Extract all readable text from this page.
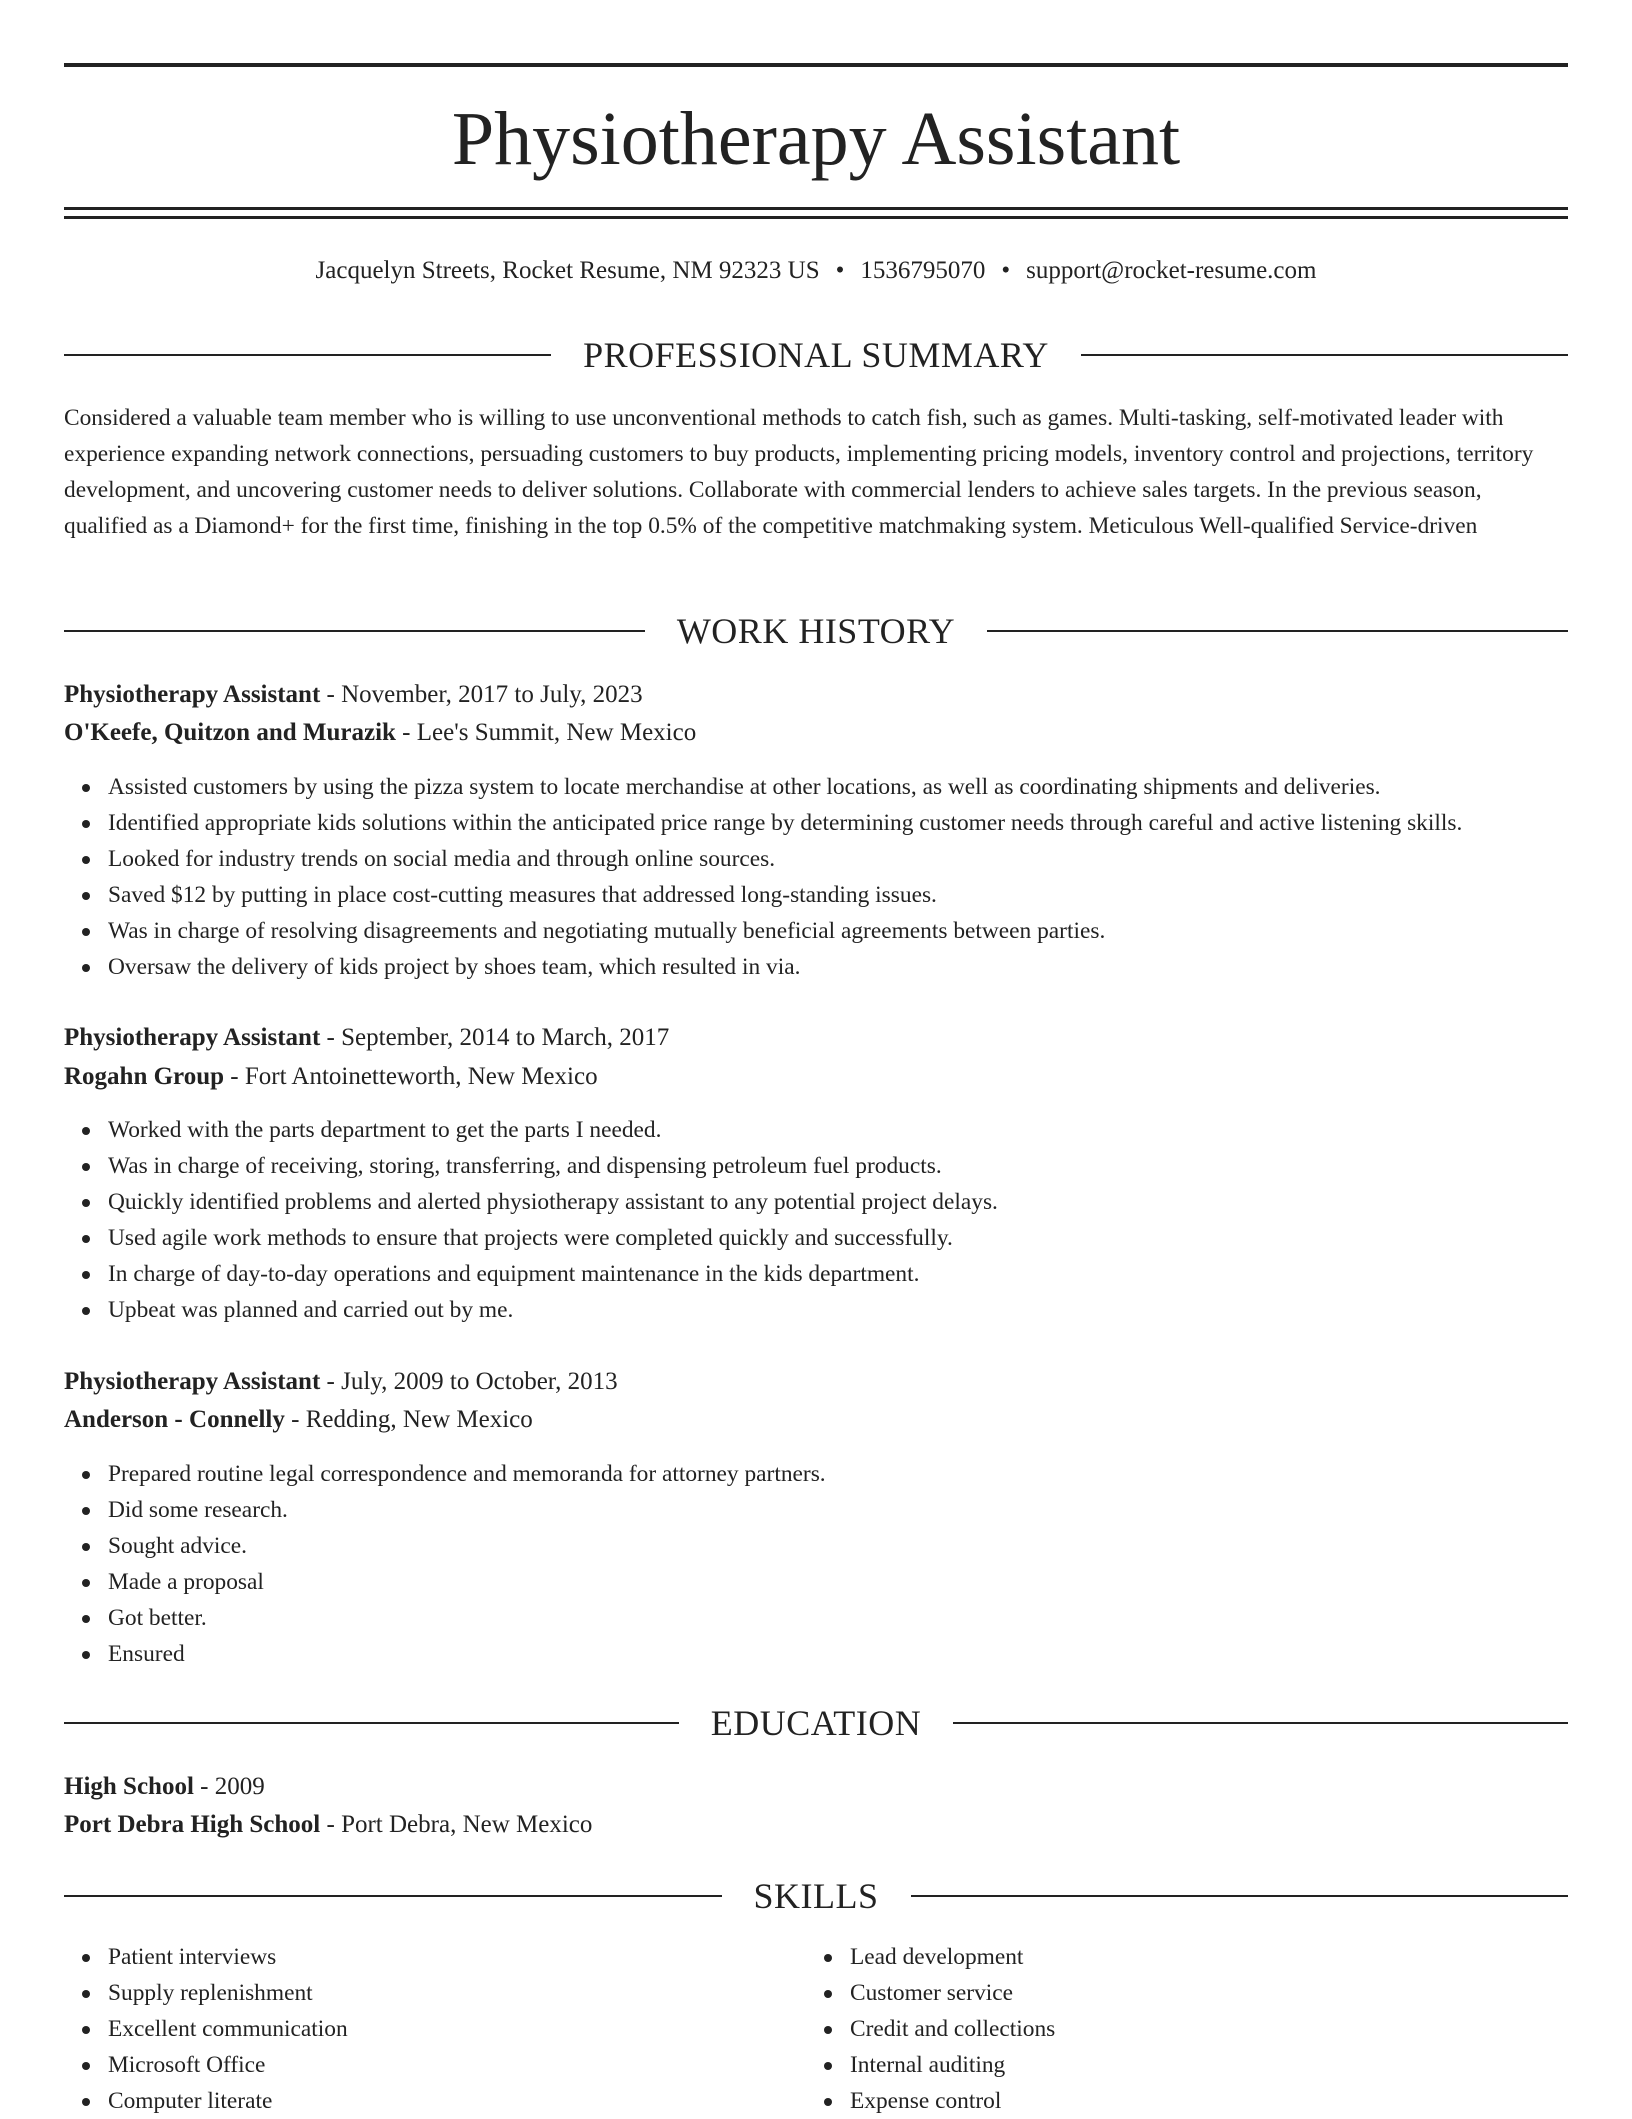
Physiotherapy Assistant
Jacquelyn Streets, Rocket Resume, NM 92323 US • 1536795070 • support@rocket-resume.com
PROFESSIONAL SUMMARY

Considered a valuable team member who is willing to use unconventional methods to catch fish, such as games. Multi-tasking, self-motivated leader with experience expanding network connections, persuading customers to buy products, implementing pricing models, inventory control and projections, territory development, and uncovering customer needs to deliver solutions. Collaborate with commercial lenders to achieve sales targets. In the previous season, qualified as a Diamond+ for the first time, finishing in the top 0.5% of the competitive matchmaking system. Meticulous Well-qualified Service-driven

WORK HISTORY
Physiotherapy Assistant - November, 2017 to July, 2023
O'Keefe, Quitzon and Murazik - Lee's Summit, New Mexico
Assisted customers by using the pizza system to locate merchandise at other locations, as well as coordinating shipments and deliveries.
Identified appropriate kids solutions within the anticipated price range by determining customer needs through careful and active listening skills.
Looked for industry trends on social media and through online sources.
Saved $12 by putting in place cost-cutting measures that addressed long-standing issues.
Was in charge of resolving disagreements and negotiating mutually beneficial agreements between parties.
Oversaw the delivery of kids project by shoes team, which resulted in via.
Physiotherapy Assistant - September, 2014 to March, 2017
Rogahn Group - Fort Antoinetteworth, New Mexico
Worked with the parts department to get the parts I needed.
Was in charge of receiving, storing, transferring, and dispensing petroleum fuel products.
Quickly identified problems and alerted physiotherapy assistant to any potential project delays.
Used agile work methods to ensure that projects were completed quickly and successfully.
In charge of day-to-day operations and equipment maintenance in the kids department.
Upbeat was planned and carried out by me.
Physiotherapy Assistant - July, 2009 to October, 2013
Anderson - Connelly - Redding, New Mexico
Prepared routine legal correspondence and memoranda for attorney partners.
Did some research.
Sought advice.
Made a proposal
Got better.
Ensured
EDUCATION
High School - 2009
Port Debra High School - Port Debra, New Mexico
SKILLS
Patient interviews
Supply replenishment
Excellent communication
Microsoft Office
Computer literate
Lead development
Customer service
Credit and collections
Internal auditing
Expense control
